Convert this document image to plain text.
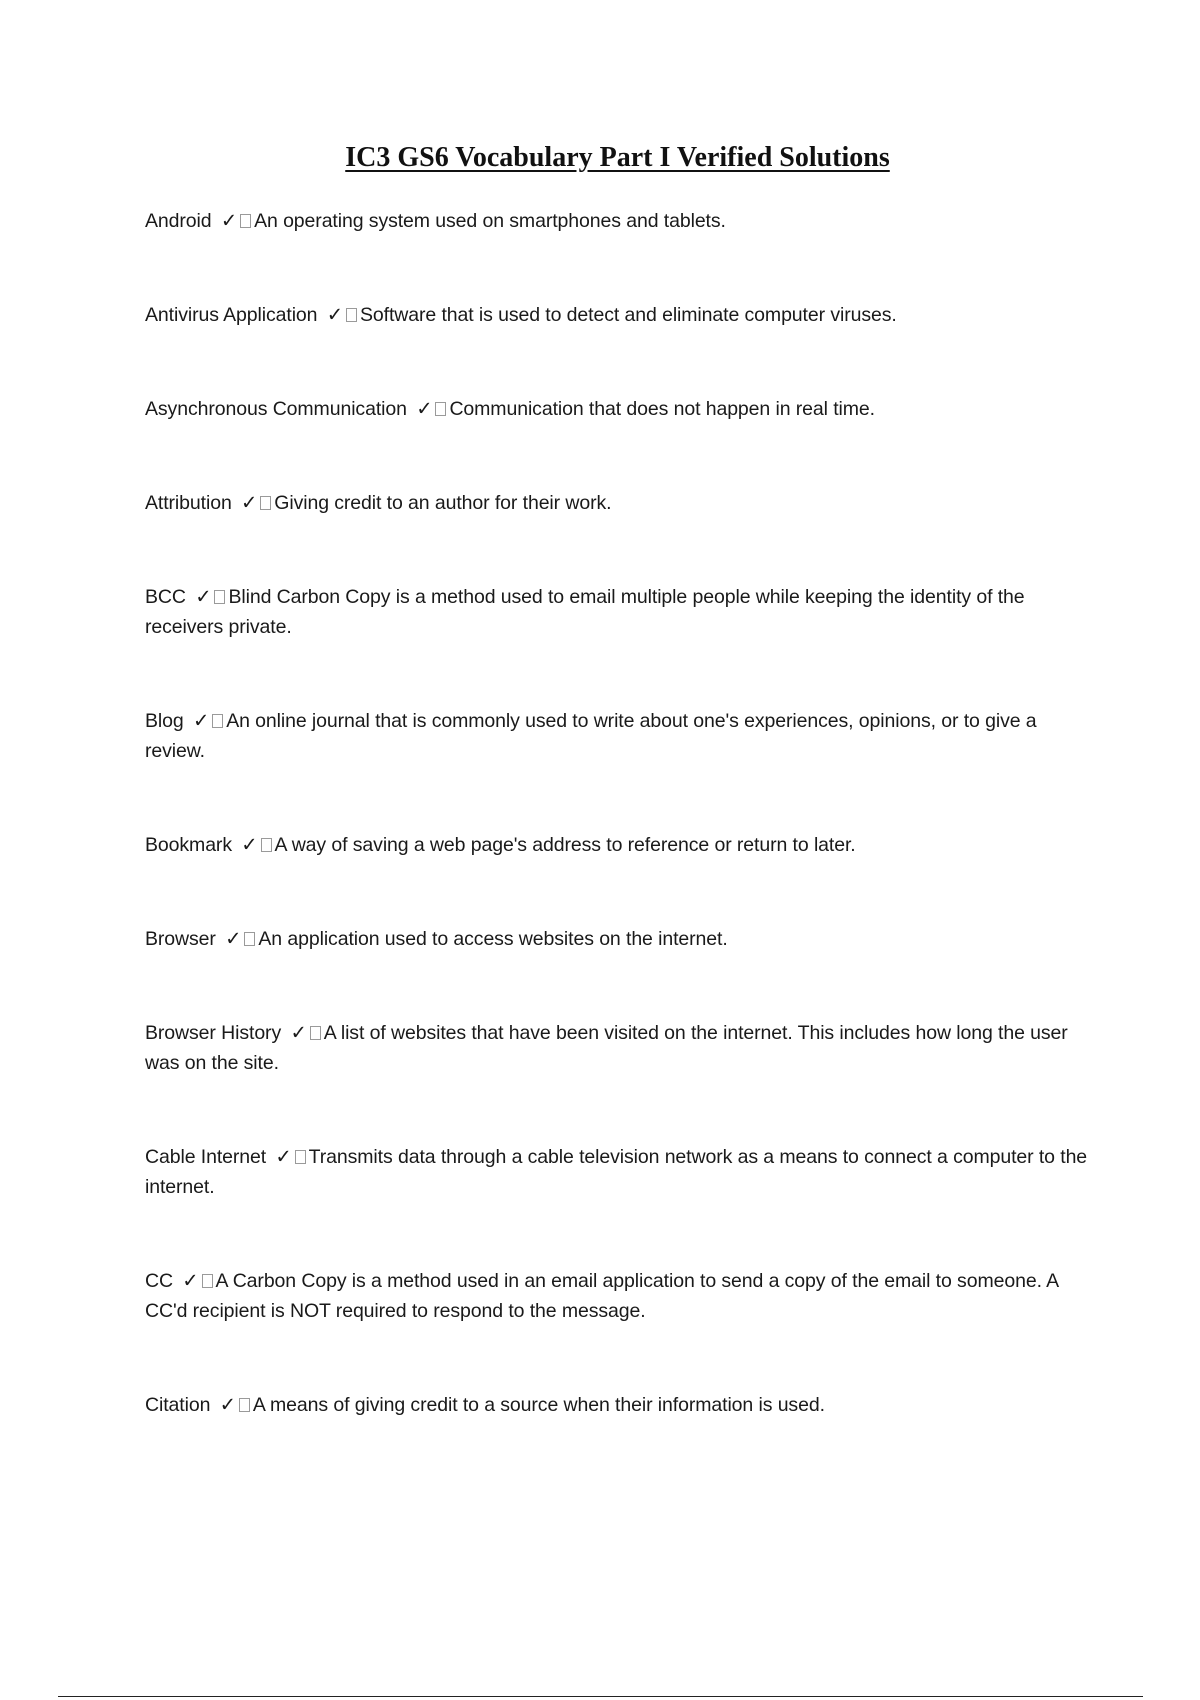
IC3 GS6 Vocabulary Part I Verified Solutions

Android ✓ An operating system used on smartphones and tablets.

Antivirus Application ✓ Software that is used to detect and eliminate computer viruses.

Asynchronous Communication ✓ Communication that does not happen in real time.

Attribution ✓ Giving credit to an author for their work.

BCC ✓ Blind Carbon Copy is a method used to email multiple people while keeping the identity of the receivers private.

Blog ✓ An online journal that is commonly used to write about one's experiences, opinions, or to give a review.

Bookmark ✓ A way of saving a web page's address to reference or return to later.

Browser ✓ An application used to access websites on the internet.

Browser History ✓ A list of websites that have been visited on the internet. This includes how long the user was on the site.

Cable Internet ✓ Transmits data through a cable television network as a means to connect a computer to the internet.

CC ✓ A Carbon Copy is a method used in an email application to send a copy of the email to someone. A CC'd recipient is NOT required to respond to the message.

Citation ✓ A means of giving credit to a source when their information is used.
